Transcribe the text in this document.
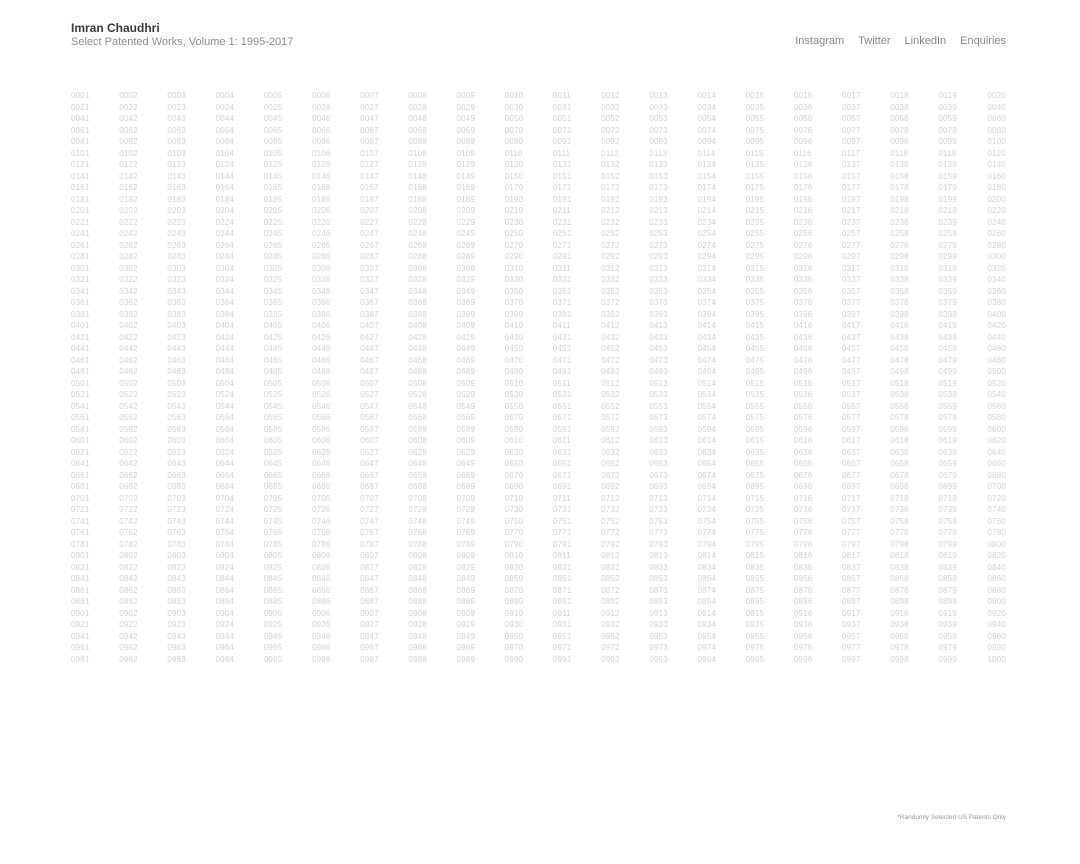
Imran Chaudhri
Select Patented Works, Volume 1: 1995-2017	Instagram Twitter LinkedIn Enquiries
0001	0002	0003	0004	0005	0006	0007	0008	0009	0010	0011	0012	0013	0014	0015	0016	0017	0018	0019	0020
0021	0022	0023	0024	0025	0026	0027	0028	0029	0030	0031	0032	0033	0034	0035	0036	0037	0038	0039	0040
0041	0042	0043	0044	0045	0046	0047	0048	0049	0050	0051	0052	0053	0054	0055	0056	0057	0058	0059	0060
0061	0062	0063	0064	0065	0066	0067	0068	0069	0070	0071	0072	0073	0074	0075	0076	0077	0078	0079	0080
0081	0082	0083	0084	0085	0086	0087	0088	0089	0090	0091	0092	0093	0094	0095	0096	0097	0098	0099	0100
0101	0102	0103	0104	0105	0106	0107	0108	0109	0110	0111	0112	0113	0114	0115	0116	0117	0118	0119	0120
0121	0122	0123	0124	0125	0126	0127	0128	0129	0130	0131	0132	0133	0134	0135	0136	0137	0138	0139	0140
0141	0142	0143	0144	0145	0146	0147	0148	0149	0150	0151	0152	0153	0154	0155	0156	0157	0158	0159	0160
0161	0162	0163	0164	0165	0166	0167	0168	0169	0170	0171	0172	0173	0174	0175	0176	0177	0178	0179	0180
0181	0182	0183	0184	0185	0186	0187	0188	0189	0190	0191	0192	0193	0194	0195	0196	0197	0198	0199	0200
0201	0202	0203	0204	0205	0206	0207	0208	0209	0210	0211	0212	0213	0214	0215	0216	0217	0218	0219	0220
0221	0222	0223	0224	0225	0226	0227	0228	0229	0230	0231	0232	0233	0234	0235	0236	0237	0238	0239	0240
0241	0242	0243	0244	0245	0246	0247	0248	0249	0250	0251	0252	0253	0254	0255	0256	0257	0258	0259	0260
0261	0262	0263	0264	0265	0266	0267	0268	0269	0270	0271	0272	0273	0274	0275	0276	0277	0278	0279	0280
0281	0282	0283	0284	0285	0286	0287	0288	0289	0290	0291	0292	0293	0294	0295	0296	0297	0298	0299	0300
0301	0302	0303	0304	0305	0306	0307	0308	0309	0310	0311	0312	0313	0314	0315	0316	0317	0318	0319	0320
0321	0322	0323	0324	0325	0326	0327	0328	0329	0330	0331	0332	0333	0334	0335	0336	0337	0338	0339	0340
0341	0342	0343	0344	0345	0346	0347	0348	0349	0350	0351	0352	0353	0354	0355	0356	0357	0358	0359	0360
0361	0362	0363	0364	0365	0366	0367	0368	0369	0370	0371	0372	0373	0374	0375	0376	0377	0378	0379	0380
0381	0382	0383	0384	0385	0386	0387	0388	0389	0390	0391	0392	0393	0394	0395	0396	0397	0398	0399	0400
0401	0402	0403	0404	0405	0406	0407	0408	0409	0410	0411	0412	0413	0414	0415	0416	0417	0418	0419	0420
0421	0422	0423	0424	0425	0426	0427	0428	0429	0430	0431	0432	0433	0434	0435	0436	0437	0438	0439	0440
0441	0442	0443	0444	0445	0446	0447	0448	0449	0450	0451	0452	0453	0454	0455	0456	0457	0458	0459	0460
0461	0462	0463	0464	0465	0466	0467	0468	0469	0470	0471	0472	0473	0474	0475	0476	0477	0478	0479	0480
0481	0482	0483	0484	0485	0486	0487	0488	0489	0490	0491	0492	0493	0494	0495	0496	0497	0498	0499	0500
0501	0502	0503	0504	0505	0506	0507	0508	0509	0510	0511	0512	0513	0514	0515	0516	0517	0518	0519	0520
0521	0522	0523	0524	0525	0526	0527	0528	0529	0530	0531	0532	0533	0534	0535	0536	0537	0538	0539	0540
0541	0542	0543	0544	0545	0546	0547	0548	0549	0550	0551	0552	0553	0554	0555	0556	0557	0558	0559	0560
0561	0562	0563	0564	0565	0566	0567	0568	0569	0570	0571	0572	0573	0574	0575	0576	0577	0578	0579	0580
0581	0582	0583	0584	0585	0586	0587	0588	0589	0590	0591	0592	0593	0594	0595	0596	0597	0598	0599	0600
0601	0602	0603	0604	0605	0606	0607	0608	0609	0610	0611	0612	0613	0614	0615	0616	0617	0618	0619	0620
0621	0622	0623	0624	0625	0626	0627	0628	0629	0630	0631	0632	0633	0634	0635	0636	0637	0638	0639	0640
0641	0642	0643	0644	0645	0646	0647	0648	0649	0650	0651	0652	0653	0654	0655	0656	0657	0658	0659	0660
0661	0662	0663	0664	0665	0666	0667	0668	0669	0670	0671	0672	0673	0674	0675	0676	0677	0678	0679	0680
0681	0682	0683	0684	0685	0686	0687	0688	0689	0690	0691	0692	0693	0694	0695	0696	0697	0698	0699	0700
0701	0702	0703	0704	0705	0706	0707	0708	0709	0710	0711	0712	0713	0714	0715	0716	0717	0718	0719	0720
0721	0722	0723	0724	0725	0726	0727	0728	0729	0730	0731	0732	0733	0734	0735	0736	0737	0738	0739	0740
0741	0742	0743	0744	0745	0746	0747	0748	0749	0750	0751	0752	0753	0754	0755	0756	0757	0758	0759	0760
0761	0762	0763	0764	0765	0766	0767	0768	0769	0770	0771	0772	0773	0774	0775	0776	0777	0778	0779	0780
0781	0782	0783	0784	0785	0786	0787	0788	0789	0790	0791	0792	0793	0794	0795	0796	0797	0798	0799	0800
0801	0802	0803	0804	0805	0806	0807	0808	0809	0810	0811	0812	0813	0814	0815	0816	0817	0818	0819	0820
0821	0822	0823	0824	0825	0826	0827	0828	0829	0830	0831	0832	0833	0834	0835	0836	0837	0838	0839	0840
0841	0842	0843	0844	0845	0846	0847	0848	0849	0850	0851	0852	0853	0854	0855	0856	0857	0858	0859	0860
0861	0862	0863	0864	0865	0866	0867	0868	0869	0870	0871	0872	0873	0874	0875	0876	0877	0878	0879	0880
0881	0882	0883	0884	0885	0886	0887	0888	0889	0890	0891	0892	0893	0894	0895	0896	0897	0898	0899	0900
0901	0902	0903	0904	0905	0906	0907	0908	0909	0910	0911	0912	0913	0914	0915	0916	0917	0918	0919	0920
0921	0922	0923	0924	0925	0926	0927	0928	0929	0930	0931	0932	0933	0934	0935	0936	0937	0938	0939	0940
0941	0942	0943	0944	0945	0946	0947	0948	0949	0950	0951	0952	0953	0954	0955	0956	0957	0958	0959	0960
0961	0962	0963	0964	0965	0966	0967	0968	0969	0970	0971	0972	0973	0974	0975	0976	0977	0978	0979	0980
0981	0982	0983	0984	0985	0986	0987	0988	0989	0990	0991	0992	0993	0994	0995	0996	0997	0998	0999	1000
*Randomly Selected US Patents Only
